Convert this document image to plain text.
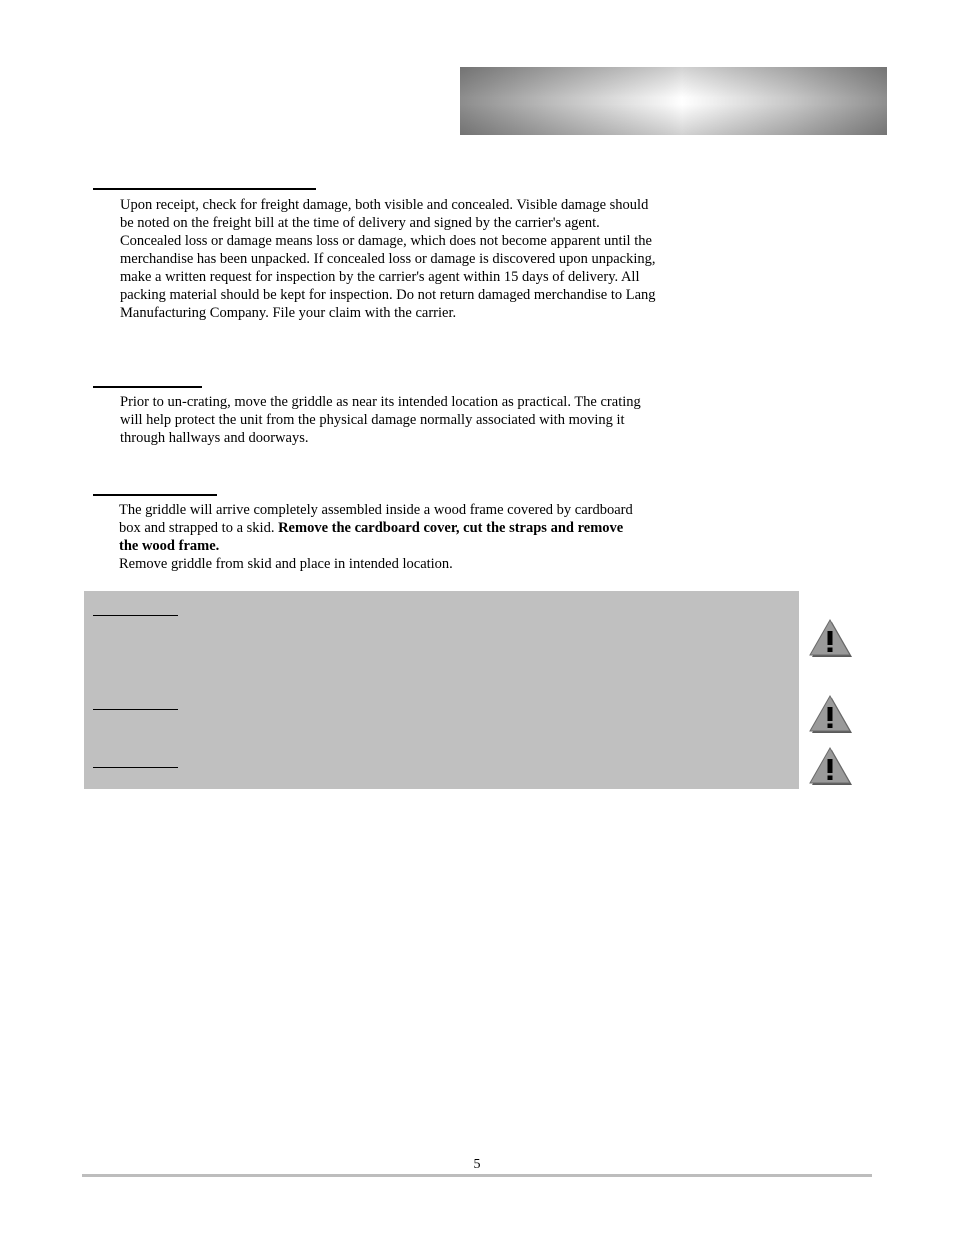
Upon receipt, check for freight damage, both visible and concealed. Visible damage should be noted on the freight bill at the time of delivery and signed by the carrier's agent. Concealed loss or damage means loss or damage, which does not become apparent until the merchandise has been unpacked. If concealed loss or damage is discovered upon unpacking, make a written request for inspection by the carrier's agent within 15 days of delivery. All packing material should be kept for inspection. Do not return damaged merchandise to Lang Manufacturing Company. File your claim with the carrier.

Prior to un-crating, move the griddle as near its intended location as practical. The crating will help protect the unit from the physical damage normally associated with moving it through hallways and doorways.

The griddle will arrive completely assembled inside a wood frame covered by cardboard box and strapped to a skid. Remove the cardboard cover, cut the straps and remove the wood frame.
Remove griddle from skid and place in intended location.

5
